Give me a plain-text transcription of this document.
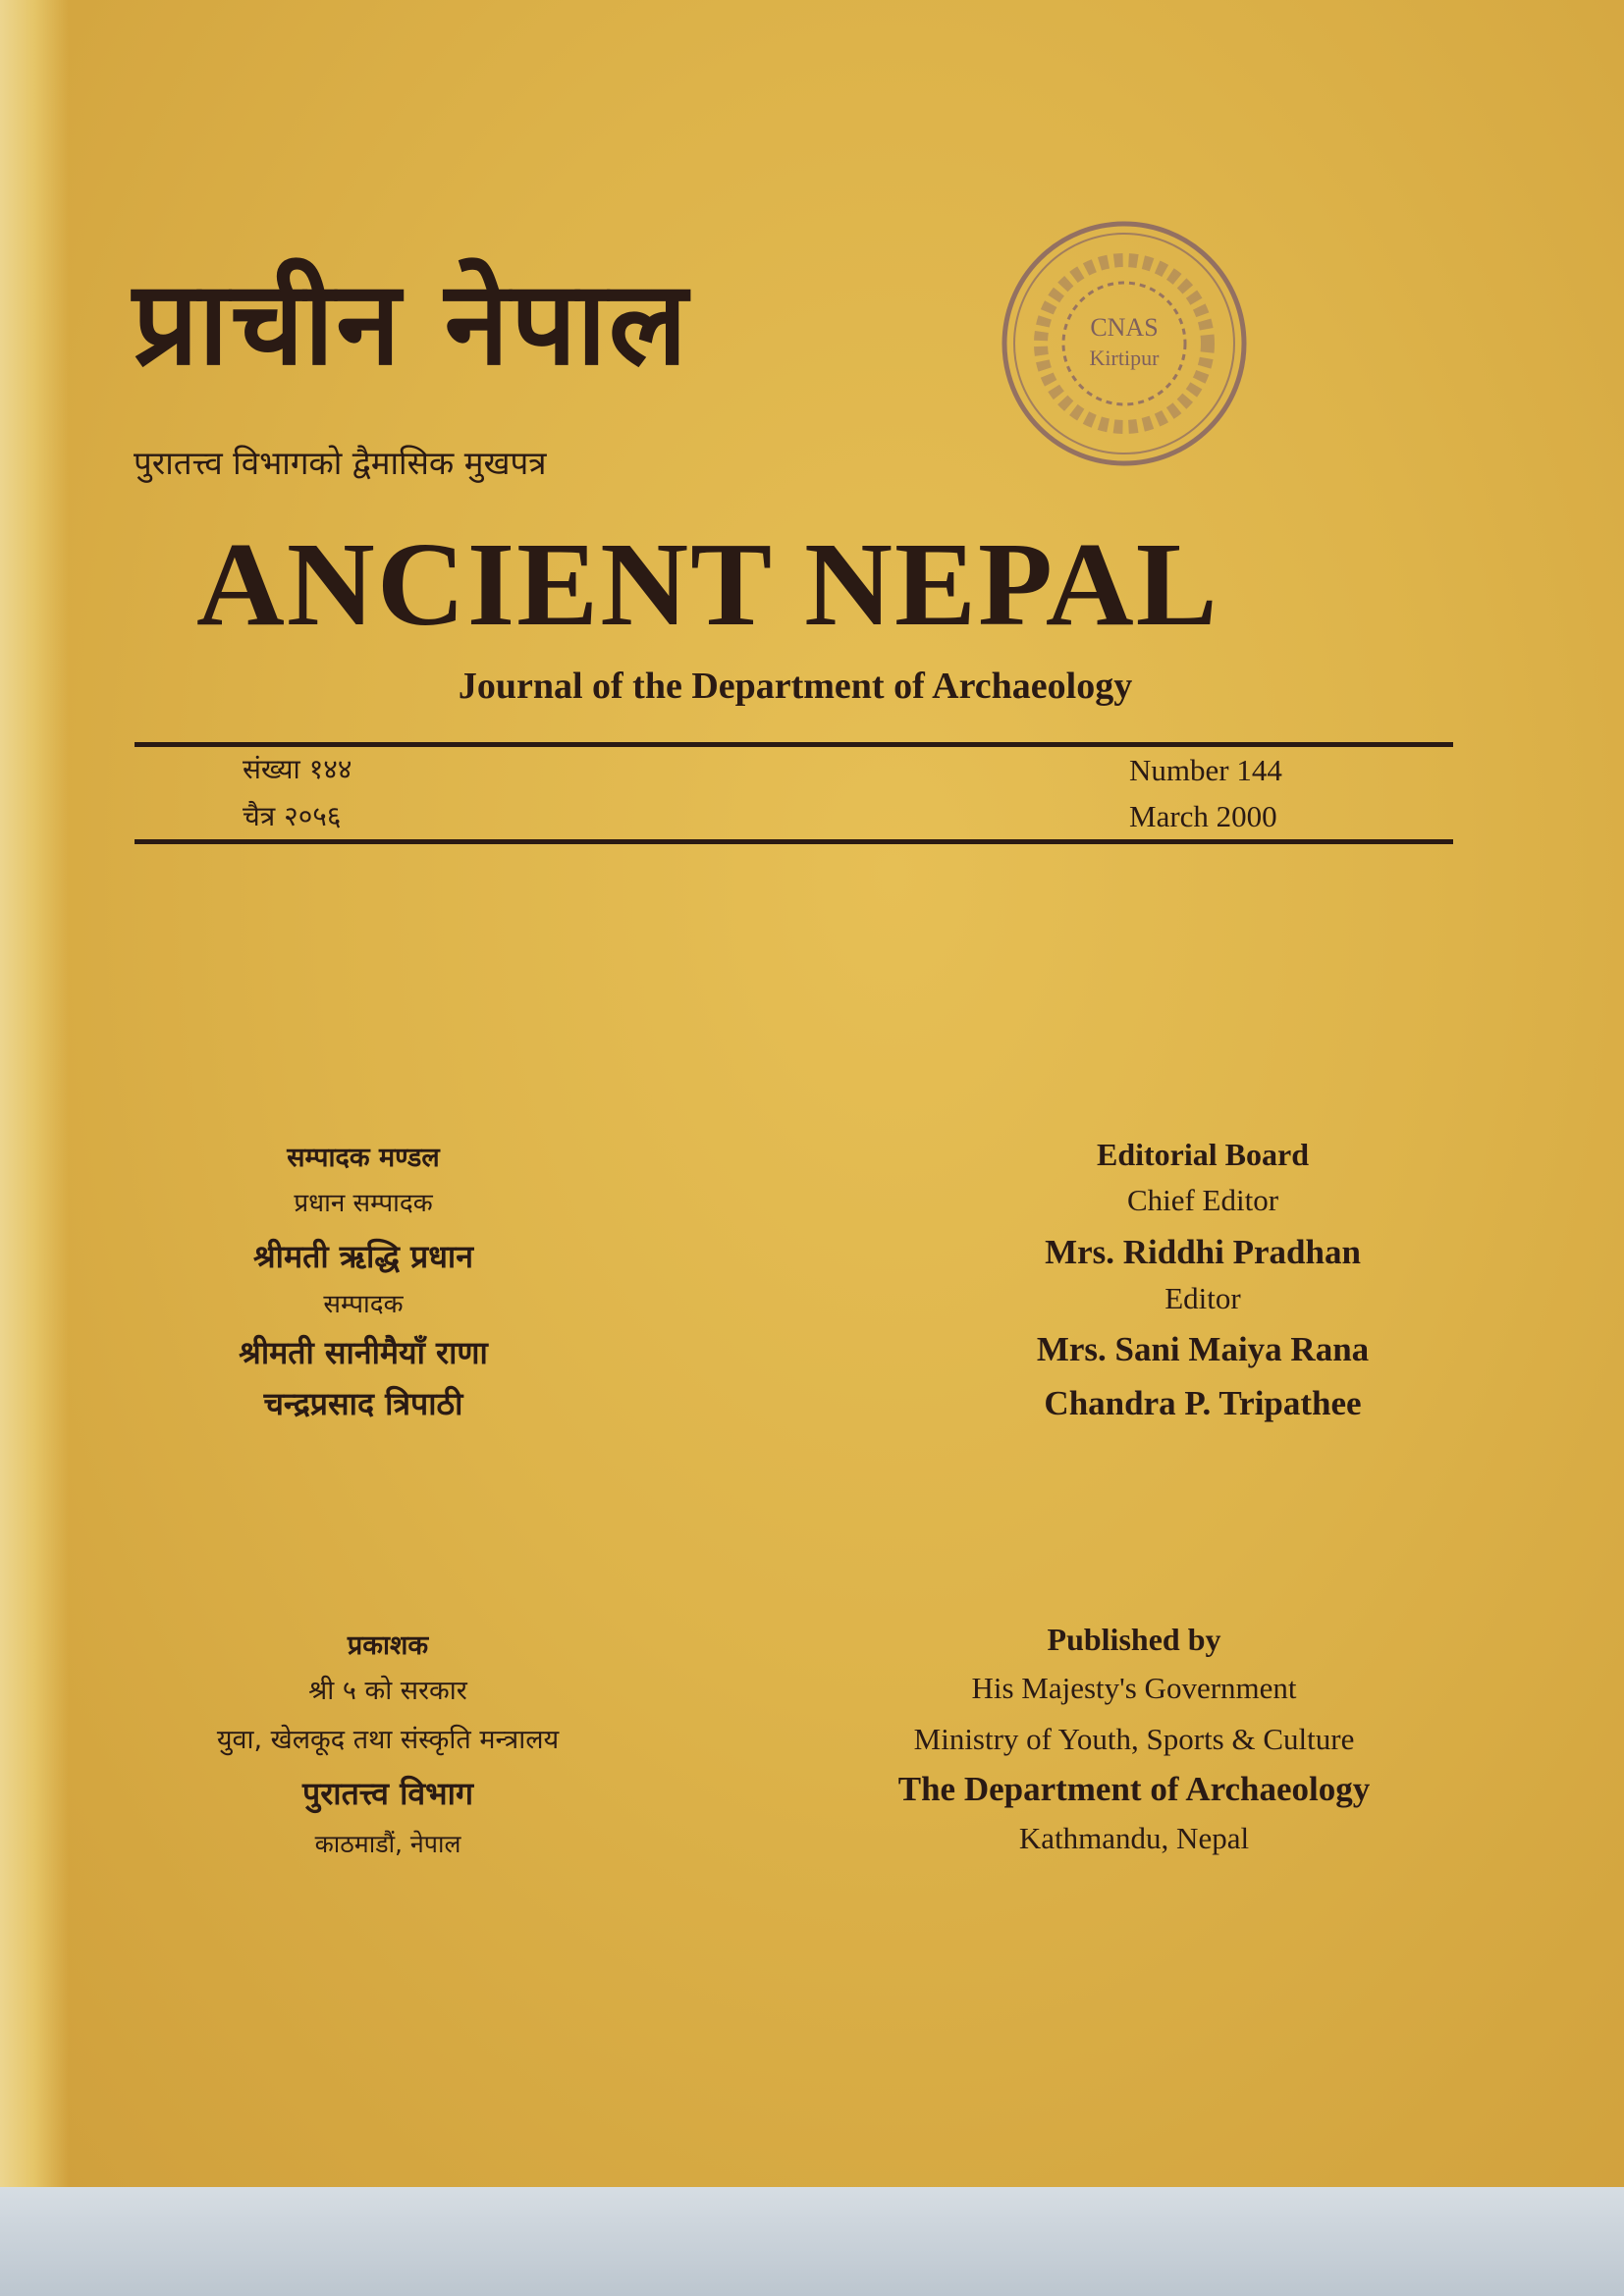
प्राचीन नेपाल
पुरातत्त्व विभागको द्वैमासिक मुखपत्र
ANCIENT NEPAL
Journal of the Department of Archaeology
CNAS
Kirtipur
संख्या १४४
चैत्र २०५६
Number 144
March 2000
सम्पादक मण्डल
प्रधान सम्पादक
श्रीमती ऋद्धि प्रधान
सम्पादक
श्रीमती सानीमैयाँ राणा
चन्द्रप्रसाद त्रिपाठी
Editorial Board
Chief Editor
Mrs. Riddhi Pradhan
Editor
Mrs. Sani Maiya Rana
Chandra P. Tripathee
प्रकाशक
श्री ५ को सरकार
युवा, खेलकूद तथा संस्कृति मन्त्रालय
पुरातत्त्व विभाग
काठमाडौं, नेपाल
Published by
His Majesty's Government
Ministry of Youth, Sports & Culture
The Department of Archaeology
Kathmandu, Nepal
